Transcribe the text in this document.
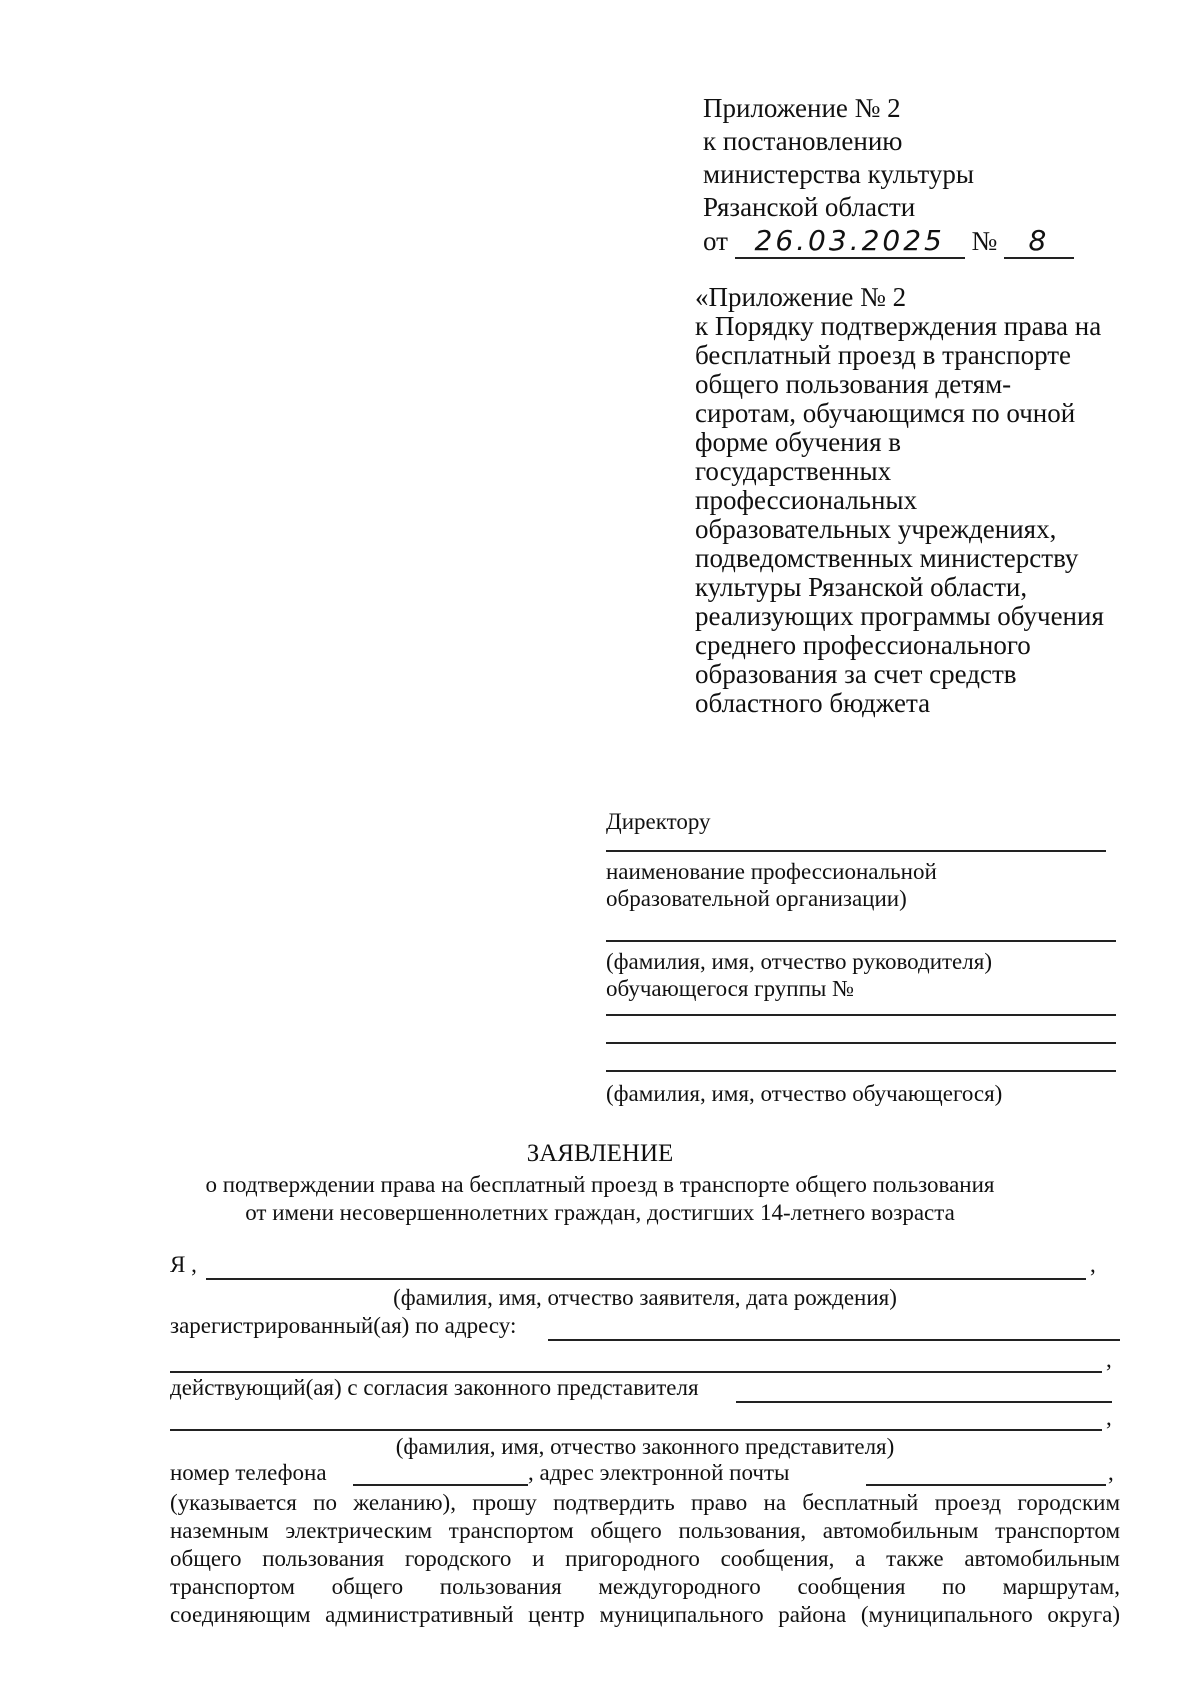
Приложение № 2
к постановлению
министерства культуры
Рязанской области
от 26.03.2025 № 8
«Приложение № 2
к Порядку подтверждения права на
бесплатный проезд в транспорте
общего пользования детям-
сиротам, обучающимся по очной
форме обучения в
государственных
профессиональных
образовательных учреждениях,
подведомственных министерству
культуры Рязанской области,
реализующих программы обучения
среднего профессионального
образования за счет средств
областного бюджета
Директору
наименование профессиональной
образовательной организации)
(фамилия, имя, отчество руководителя)
обучающегося группы №
(фамилия, имя, отчество обучающегося)
ЗАЯВЛЕНИЕ
о подтверждении права на бесплатный проезд в транспорте общего пользования
от имени несовершеннолетних граждан, достигших 14-летнего возраста
Я ,	,
(фамилия, имя, отчество заявителя, дата рождения)
зарегистрированный(ая) по адресу:
,
действующий(ая) с согласия законного представителя
,
(фамилия, имя, отчество законного представителя)
номер телефона	, адрес электронной почты	,
(указывается по желанию), прошу подтвердить право на бесплатный проезд городским
наземным электрическим транспортом общего пользования, автомобильным транспортом
общего пользования городского и пригородного сообщения, а также автомобильным
транспортом общего пользования междугородного сообщения по маршрутам,
соединяющим административный центр муниципального района (муниципального округа)
